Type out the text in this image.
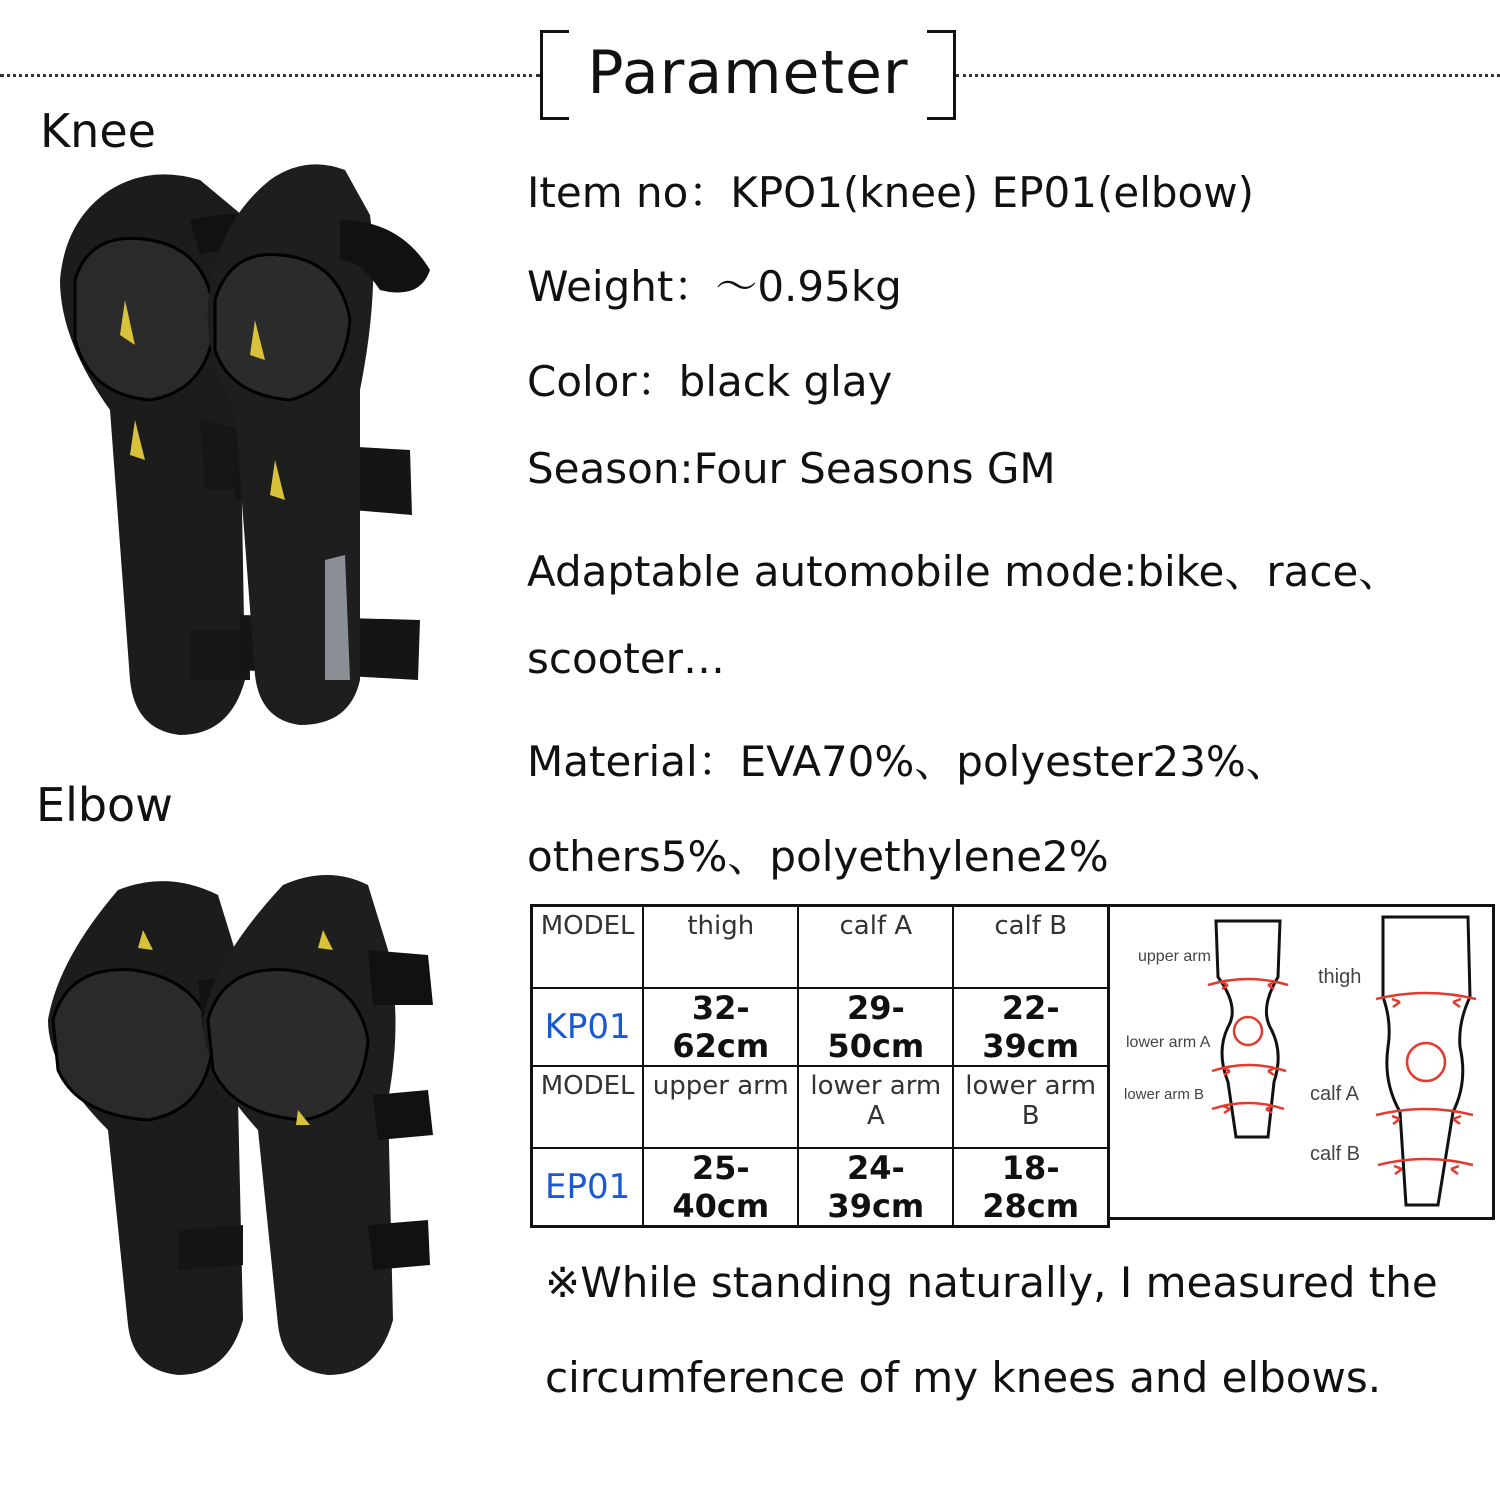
Parameter
Knee
Elbow
Item no：KPO1(knee) EP01(elbow)
Weight：～0.95kg
Color：black glay
Season:Four Seasons GM
Adaptable automobile mode:bike、race、
scooter…
Material：EVA70%、polyester23%、
others5%、polyethylene2%
MODEL	thigh	calf A	calf B
KP01	32-62cm	29-50cm	22-39cm
MODEL	upper arm	lower arm A	lower arm B
EP01	25-40cm	24-39cm	18-28cm
upper arm
lower arm A
lower arm B
thigh
calf A
calf B
※While standing naturally, I measured the
circumference of my knees and elbows.
